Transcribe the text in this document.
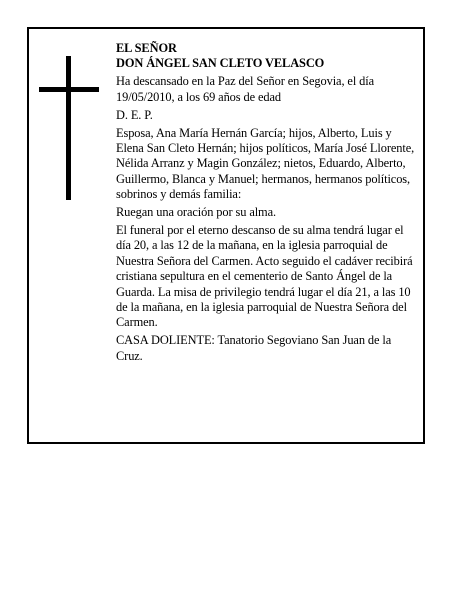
EL SEÑOR
DON ÁNGEL SAN CLETO VELASCO

Ha descansado en la Paz del Señor en Segovia, el día 19/05/2010, a los 69 años de edad

D. E. P.

Esposa, Ana María Hernán García; hijos, Alberto, Luis y Elena San Cleto Hernán; hijos políticos, María José Llorente, Nélida Arranz y Magin González; nietos, Eduardo, Alberto, Guillermo, Blanca y Manuel; hermanos, hermanos políticos, sobrinos y demás familia:

Ruegan una oración por su alma.

El funeral por el eterno descanso de su alma tendrá lugar el día 20, a las 12 de la mañana, en la iglesia parroquial de Nuestra Señora del Carmen. Acto seguido el cadáver recibirá cristiana sepultura en el cementerio de Santo Ángel de la Guarda. La misa de privilegio tendrá lugar el día 21, a las 10 de la mañana, en la iglesia parroquial de Nuestra Señora del Carmen.

CASA DOLIENTE: Tanatorio Segoviano San Juan de la Cruz.
